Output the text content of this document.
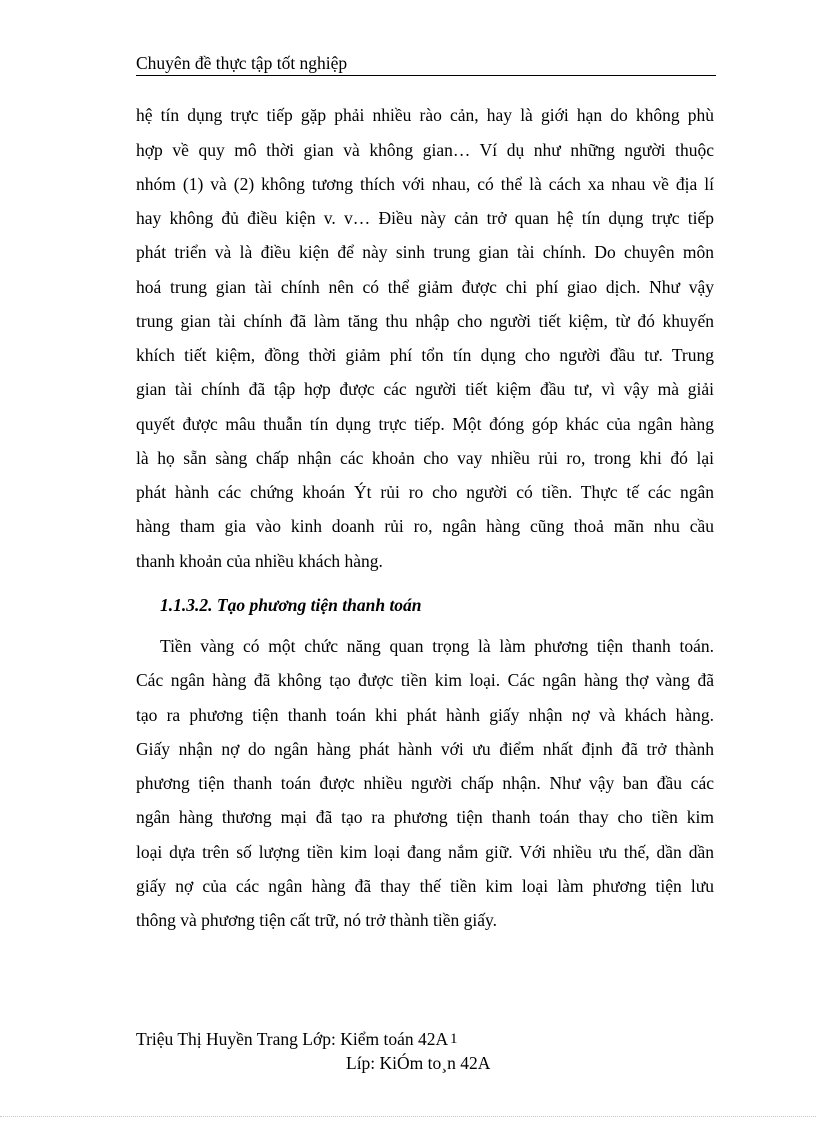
Chuyên đề thực tập tốt nghiệp
hệ tín dụng trực tiếp gặp phải nhiều rào cản, hay là giới hạn do không phù
hợp về quy mô thời gian và không gian… Ví dụ như những người thuộc
nhóm (1) và (2) không tương thích với nhau, có thể là cách xa nhau về địa lí
hay không đủ điều kiện v. v… Điều này cản trở quan hệ tín dụng trực tiếp
phát triển và là điều kiện để này sinh trung gian tài chính. Do chuyên môn
hoá trung gian tài chính nên có thể giảm được chi phí giao dịch. Như vậy
trung gian tài chính đã làm tăng thu nhập cho người tiết kiệm, từ đó khuyến
khích tiết kiệm, đồng thời giảm phí tổn tín dụng cho người đầu tư. Trung
gian tài chính đã tập hợp được các người tiết kiệm đầu tư, vì vậy mà giải
quyết được mâu thuẫn tín dụng trực tiếp. Một đóng góp khác của ngân hàng
là họ sẵn sàng chấp nhận các khoản cho vay nhiều rủi ro, trong khi đó lại
phát hành các chứng khoán Ýt rủi ro cho người có tiền. Thực tế các ngân
hàng tham gia vào kinh doanh rủi ro, ngân hàng cũng thoả mãn nhu cầu
thanh khoản của nhiều khách hàng.
1.1.3.2. Tạo phương tiện thanh toán
Tiền vàng có một chức năng quan trọng là làm phương tiện thanh toán.
Các ngân hàng đã không tạo được tiền kim loại. Các ngân hàng thợ vàng đã
tạo ra phương tiện thanh toán khi phát hành giấy nhận nợ và khách hàng.
Giấy nhận nợ do ngân hàng phát hành với ưu điểm nhất định đã trở thành
phương tiện thanh toán được nhiều người chấp nhận. Như vậy ban đầu các
ngân hàng thương mại đã tạo ra phương tiện thanh toán thay cho tiền kim
loại dựa trên số lượng tiền kim loại đang nắm giữ. Với nhiều ưu thế, dần dần
giấy nợ của các ngân hàng đã thay thế tiền kim loại làm phương tiện lưu
thông và phương tiện cất trữ, nó trở thành tiền giấy.
Triệu Thị Huyền Trang Lớp: Kiểm toán 42A 1
Líp: KiÓm to¸n 42A
